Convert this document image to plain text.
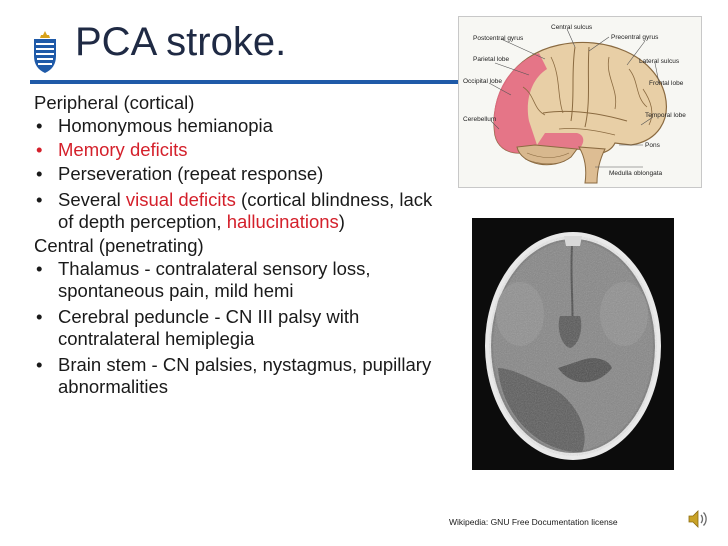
PCA stroke.
Peripheral (cortical)
• Homonymous hemianopia
• Memory deficits
• Perseveration (repeat response)
• Several visual deficits (cortical blindness, lack of depth perception, hallucinations)
Central (penetrating)
• Thalamus - contralateral sensory loss, spontaneous pain, mild hemi
• Cerebral peduncle - CN III palsy with contralateral hemiplegia
• Brain stem - CN palsies, nystagmus, pupillary abnormalities
Central sulcus
Postcentral gyrus	Precentral gyrus
Lateral sulcus
Parietal lobe
Frontal lobe
Occipital lobe
Temporal lobe
Cerebellum
Pons
Medulla oblongata
Wikipedia: GNU Free Documentation license
